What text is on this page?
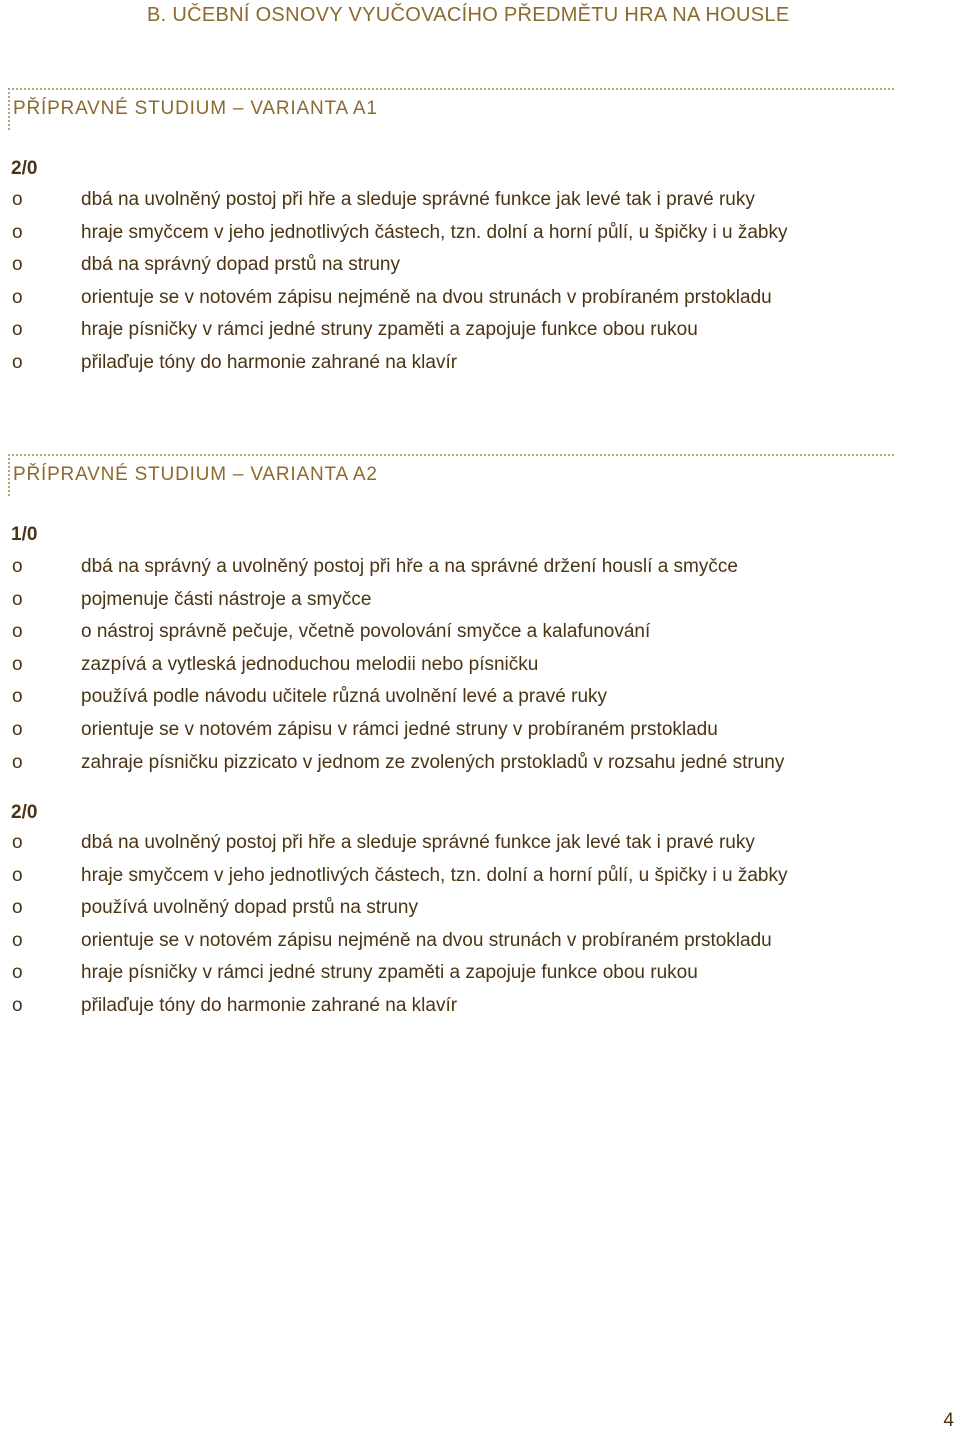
B. UČEBNÍ OSNOVY VYUČOVACÍHO PŘEDMĚTU HRA NA HOUSLE
PŘÍPRAVNÉ STUDIUM – VARIANTA A1
2/0
o	dbá na uvolněný postoj při hře a sleduje správné funkce jak levé tak i pravé ruky
o	hraje smyčcem v jeho jednotlivých částech, tzn. dolní a horní půlí, u špičky i u žabky
o	dbá na správný dopad prstů na struny
o	orientuje se v notovém zápisu nejméně na dvou strunách v probíraném prstokladu
o	hraje písničky v rámci jedné struny zpaměti a zapojuje funkce obou rukou
o	přilaďuje tóny do harmonie zahrané na klavír
PŘÍPRAVNÉ STUDIUM – VARIANTA A2
1/0
o	dbá na správný a uvolněný postoj při hře a na správné držení houslí a smyčce
o	pojmenuje části nástroje a smyčce
o	o nástroj správně pečuje, včetně povolování smyčce a kalafunování
o	zazpívá a vytleská jednoduchou melodii nebo písničku
o	používá podle návodu učitele různá uvolnění levé a pravé ruky
o	orientuje se v notovém zápisu v rámci jedné struny v probíraném prstokladu
o	zahraje písničku pizzicato v jednom ze zvolených prstokladů v rozsahu jedné struny
2/0
o	dbá na uvolněný postoj při hře a sleduje správné funkce jak levé tak i pravé ruky
o	hraje smyčcem v jeho jednotlivých částech, tzn. dolní a horní půlí, u špičky i u žabky
o	používá uvolněný dopad prstů na struny
o	orientuje se v notovém zápisu nejméně na dvou strunách v probíraném prstokladu
o	hraje písničky v rámci jedné struny zpaměti a zapojuje funkce obou rukou
o	přilaďuje tóny do harmonie zahrané na klavír
4
